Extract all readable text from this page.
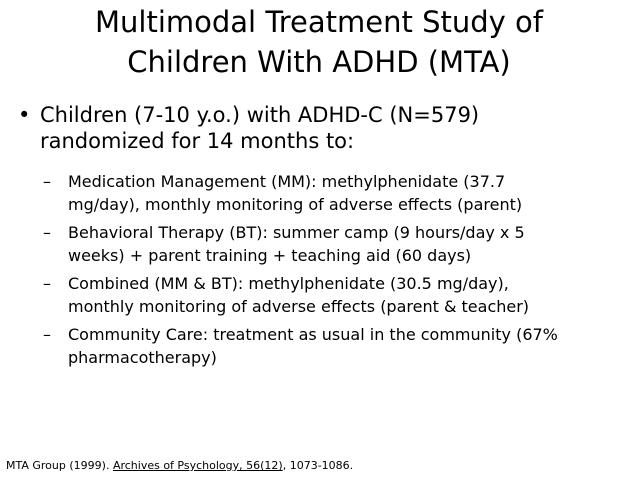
Multimodal Treatment Study of
Children With ADHD (MTA)
• Children (7-10 y.o.) with ADHD-C (N=579)
randomized for 14 months to:
– Medication Management (MM): methylphenidate (37.7
mg/day), monthly monitoring of adverse effects (parent)
– Behavioral Therapy (BT): summer camp (9 hours/day x 5
weeks) + parent training + teaching aid (60 days)
– Combined (MM & BT): methylphenidate (30.5 mg/day),
monthly monitoring of adverse effects (parent & teacher)
– Community Care: treatment as usual in the community (67%
pharmacotherapy)
MTA Group (1999). Archives of Psychology, 56(12), 1073-1086.
